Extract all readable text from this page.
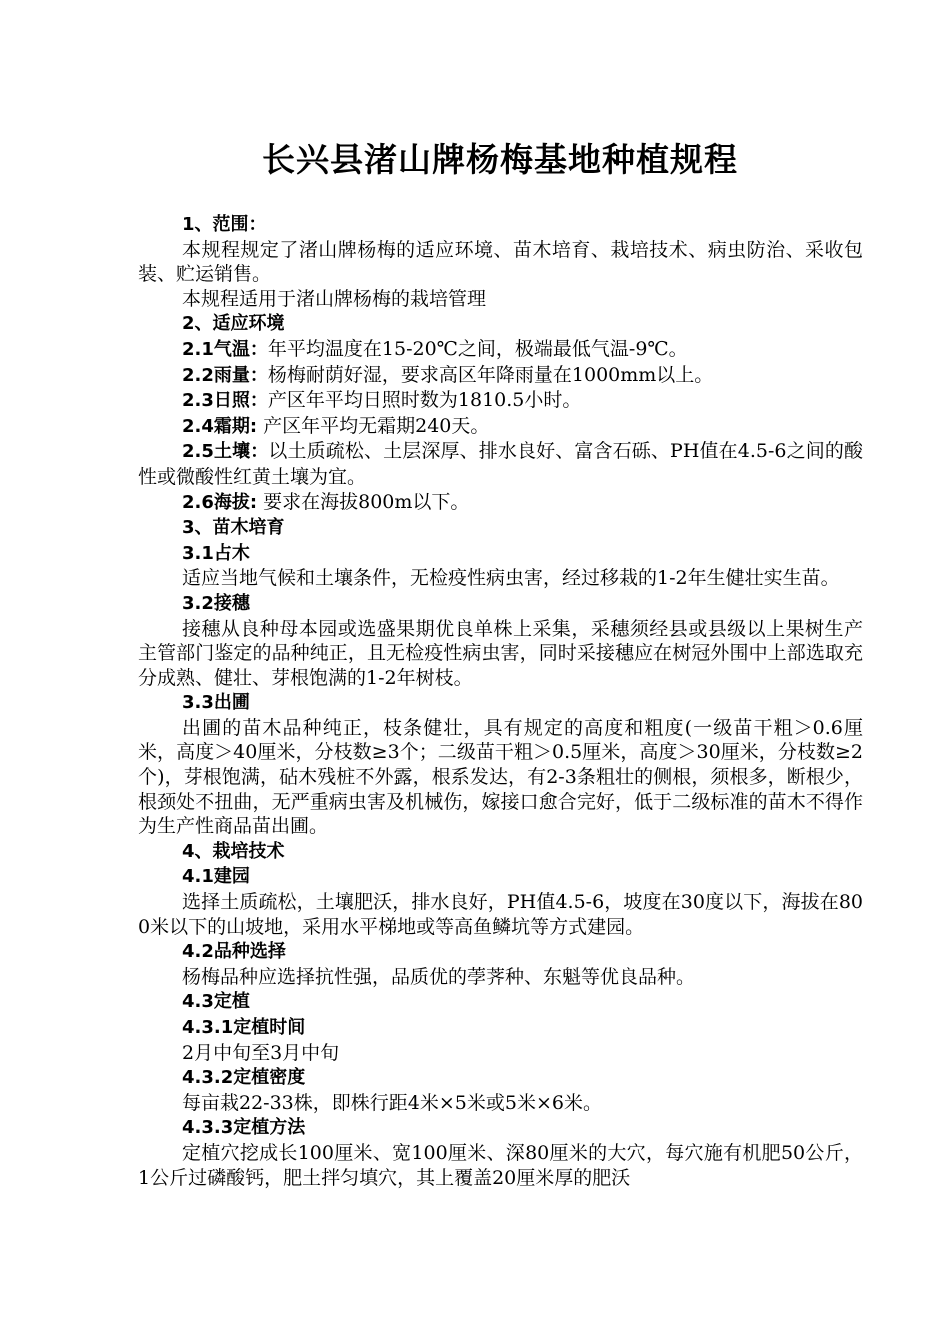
长兴县渚山牌杨梅基地种植规程

1、范围：

本规程规定了渚山牌杨梅的适应环境、苗木培育、栽培技术、病虫防治、采收包装、贮运销售。

本规程适用于渚山牌杨梅的栽培管理

2、适应环境

2.1气温：年平均温度在15-20℃之间，极端最低气温-9℃。

2.2雨量：杨梅耐荫好湿，要求高区年降雨量在1000mm以上。

2.3日照：产区年平均日照时数为1810.5小时。

2.4霜期: 产区年平均无霜期240天。

2.5土壤：以土质疏松、土层深厚、排水良好、富含石砾、PH值在4.5-6之间的酸性或微酸性红黄土壤为宜。

2.6海拔: 要求在海拔800m以下。

3、苗木培育

3.1占木

适应当地气候和土壤条件，无检疫性病虫害，经过移栽的1-2年生健壮实生苗。

3.2接穗

接穗从良种母本园或选盛果期优良单株上采集，采穗须经县或县级以上果树生产主管部门鉴定的品种纯正，且无检疫性病虫害，同时采接穗应在树冠外围中上部选取充分成熟、健壮、芽根饱满的1-2年树枝。

3.3出圃

出圃的苗木品种纯正，枝条健壮，具有规定的高度和粗度(一级苗干粗＞0.6厘米，高度＞40厘米，分枝数≥3个；二级苗干粗＞0.5厘米，高度＞30厘米，分枝数≥2个)，芽根饱满，砧木残桩不外露，根系发达，有2-3条粗壮的侧根，须根多，断根少，根颈处不扭曲，无严重病虫害及机械伤，嫁接口愈合完好，低于二级标准的苗木不得作为生产性商品苗出圃。

4、栽培技术

4.1建园

选择土质疏松，土壤肥沃，排水良好，PH值4.5-6，坡度在30度以下，海拔在800米以下的山坡地，采用水平梯地或等高鱼鳞坑等方式建园。

4.2品种选择

杨梅品种应选择抗性强，品质优的荸荠种、东魁等优良品种。

4.3定植

4.3.1定植时间

2月中旬至3月中旬

4.3.2定植密度

每亩栽22-33株，即株行距4米×5米或5米×6米。

4.3.3定植方法

定植穴挖成长100厘米、宽100厘米、深80厘米的大穴，每穴施有机肥50公斤，1公斤过磷酸钙，肥土拌匀填穴，其上覆盖20厘米厚的肥沃
